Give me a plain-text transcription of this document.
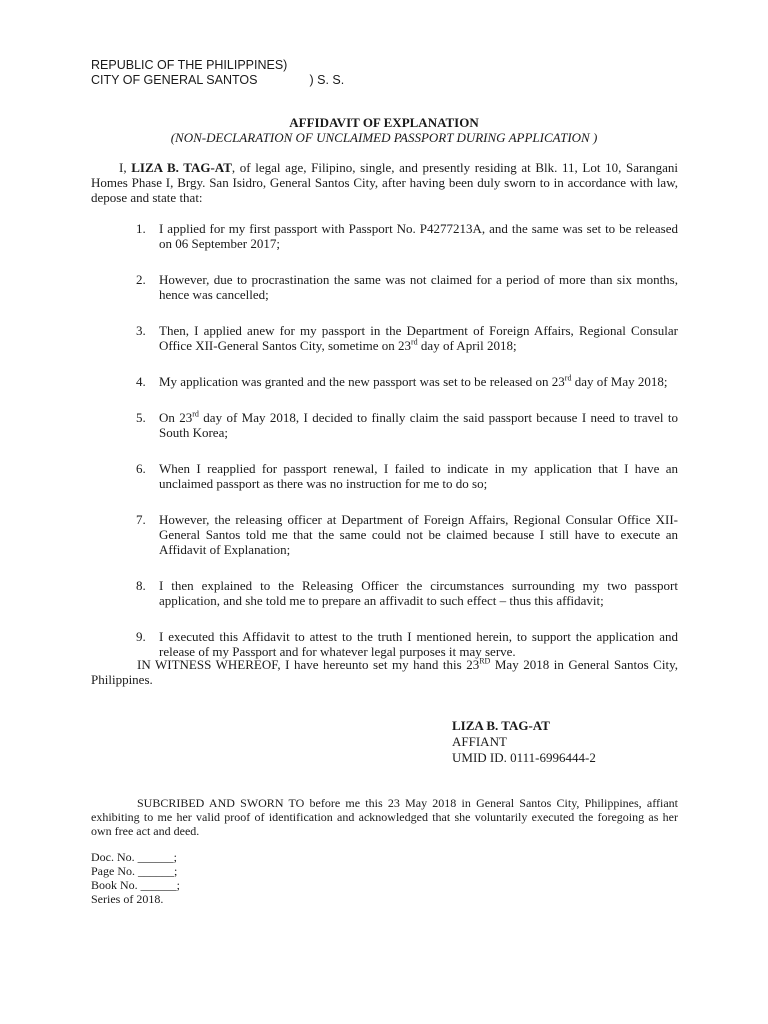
REPUBLIC OF THE PHILIPPINES)
CITY OF GENERAL SANTOS	) S. S.
AFFIDAVIT OF EXPLANATION
(NON-DECLARATION OF UNCLAIMED PASSPORT DURING APPLICATION )

I, LIZA B. TAG-AT, of legal age, Filipino, single, and presently residing at Blk. 11, Lot 10, Sarangani Homes Phase I, Brgy. San Isidro, General Santos City, after having been duly sworn to in accordance with law, depose and state that:

1. I applied for my first passport with Passport No. P4277213A, and the same was set to be released on 06 September 2017;
2. However, due to procrastination the same was not claimed for a period of more than six months, hence was cancelled;
3. Then, I applied anew for my passport in the Department of Foreign Affairs, Regional Consular Office XII-General Santos City, sometime on 23rd day of April 2018;
4. My application was granted and the new passport was set to be released on 23rd day of May 2018;
5. On 23rd day of May 2018, I decided to finally claim the said passport because I need to travel to South Korea;
6. When I reapplied for passport renewal, I failed to indicate in my application that I have an unclaimed passport as there was no instruction for me to do so;
7. However, the releasing officer at Department of Foreign Affairs, Regional Consular Office XII-General Santos told me that the same could not be claimed because I still have to execute an Affidavit of Explanation;
8. I then explained to the Releasing Officer the circumstances surrounding my two passport application, and she told me to prepare an affivadit to such effect – thus this affidavit;
9. I executed this Affidavit to attest to the truth I mentioned herein, to support the application and release of my Passport and for whatever legal purposes it may serve.

IN WITNESS WHEREOF, I have hereunto set my hand this 23RD May 2018 in General Santos City, Philippines.

LIZA B. TAG-AT
AFFIANT
UMID ID. 0111-6996444-2

SUBCRIBED AND SWORN TO before me this 23 May 2018 in General Santos City, Philippines, affiant exhibiting to me her valid proof of identification and acknowledged that she voluntarily executed the foregoing as her own free act and deed.

Doc. No. ______;
Page No. ______;
Book No. ______;
Series of 2018.
